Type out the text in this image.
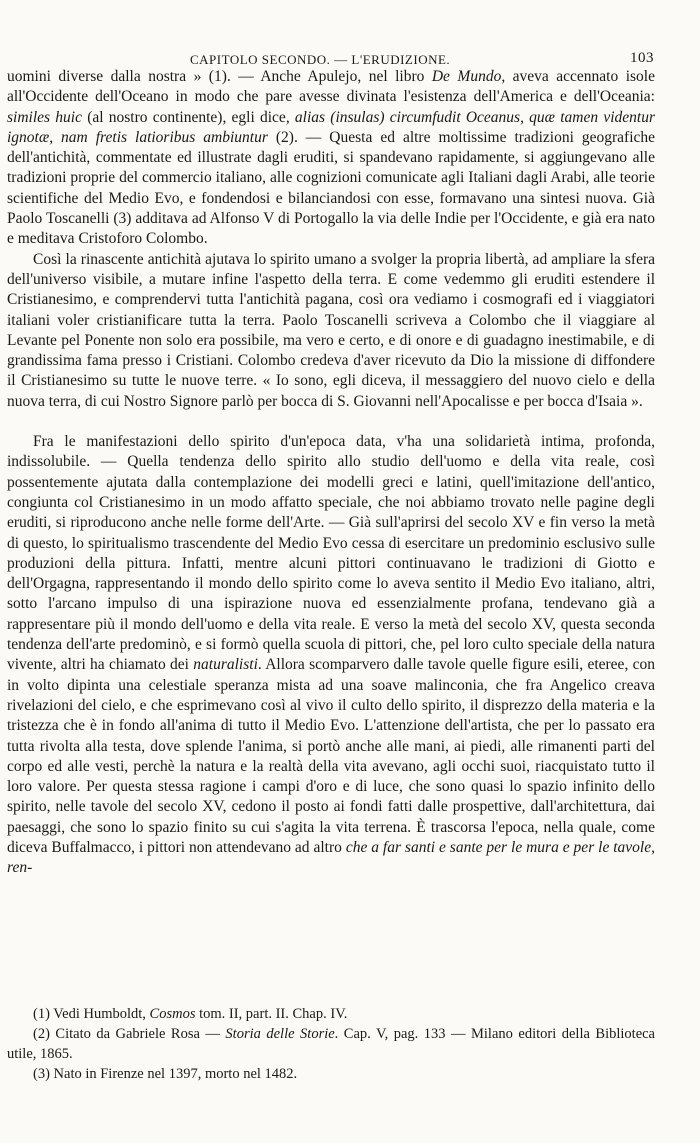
CAPITOLO SECONDO. — L'ERUDIZIONE.	103

uomini diverse dalla nostra » (1). — Anche Apulejo, nel libro De Mundo, aveva accennato isole all'Occidente dell'Oceano in modo che pare avesse divinata l'esistenza dell'America e dell'Oceania: similes huic (al nostro continente), egli dice, alias (insulas) circumfudit Oceanus, quæ tamen videntur ignotæ, nam fretis latioribus ambiuntur (2). — Questa ed altre moltissime tradizioni geografiche dell'antichità, commentate ed illustrate dagli eruditi, si spandevano rapidamente, si aggiungevano alle tradizioni proprie del commercio italiano, alle cognizioni comunicate agli Italiani dagli Arabi, alle teorie scientifiche del Medio Evo, e fondendosi e bilanciandosi con esse, formavano una sintesi nuova. Già Paolo Toscanelli (3) additava ad Alfonso V di Portogallo la via delle Indie per l'Occidente, e già era nato e meditava Cristoforo Colombo.

Così la rinascente antichità ajutava lo spirito umano a svolger la propria libertà, ad ampliare la sfera dell'universo visibile, a mutare infine l'aspetto della terra. E come vedemmo gli eruditi estendere il Cristianesimo, e comprendervi tutta l'antichità pagana, così ora vediamo i cosmografi ed i viaggiatori italiani voler cristianificare tutta la terra. Paolo Toscanelli scriveva a Colombo che il viaggiare al Levante pel Ponente non solo era possibile, ma vero e certo, e di onore e di guadagno inestimabile, e di grandissima fama presso i Cristiani. Colombo credeva d'aver ricevuto da Dio la missione di diffondere il Cristianesimo su tutte le nuove terre. « Io sono, egli diceva, il messaggiero del nuovo cielo e della nuova terra, di cui Nostro Signore parlò per bocca di S. Giovanni nell'Apocalisse e per bocca d'Isaia ».

Fra le manifestazioni dello spirito d'un'epoca data, v'ha una solidarietà intima, profonda, indissolubile. — Quella tendenza dello spirito allo studio dell'uomo e della vita reale, così possentemente ajutata dalla contemplazione dei modelli greci e latini, quell'imitazione dell'antico, congiunta col Cristianesimo in un modo affatto speciale, che noi abbiamo trovato nelle pagine degli eruditi, si riproducono anche nelle forme dell'Arte. — Già sull'aprirsi del secolo XV e fin verso la metà di questo, lo spiritualismo trascendente del Medio Evo cessa di esercitare un predominio esclusivo sulle produzioni della pittura. Infatti, mentre alcuni pittori continuavano le tradizioni di Giotto e dell'Orgagna, rappresentando il mondo dello spirito come lo aveva sentito il Medio Evo italiano, altri, sotto l'arcano impulso di una ispirazione nuova ed essenzialmente profana, tendevano già a rappresentare più il mondo dell'uomo e della vita reale. E verso la metà del secolo XV, questa seconda tendenza dell'arte predominò, e si formò quella scuola di pittori, che, pel loro culto speciale della natura vivente, altri ha chiamato dei naturalisti. Allora scomparvero dalle tavole quelle figure esili, eteree, con in volto dipinta una celestiale speranza mista ad una soave malinconia, che fra Angelico creava rivelazioni del cielo, e che esprimevano così al vivo il culto dello spirito, il disprezzo della materia e la tristezza che è in fondo all'anima di tutto il Medio Evo. L'attenzione dell'artista, che per lo passato era tutta rivolta alla testa, dove splende l'anima, si portò anche alle mani, ai piedi, alle rimanenti parti del corpo ed alle vesti, perchè la natura e la realtà della vita avevano, agli occhi suoi, riacquistato tutto il loro valore. Per questa stessa ragione i campi d'oro e di luce, che sono quasi lo spazio infinito dello spirito, nelle tavole del secolo XV, cedono il posto ai fondi fatti dalle prospettive, dall'architettura, dai paesaggi, che sono lo spazio finito su cui s'agita la vita terrena. È trascorsa l'epoca, nella quale, come diceva Buffalmacco, i pittori non attendevano ad altro che a far santi e sante per le mura e per le tavole, ren-

(1) Vedi Humboldt, Cosmos tom. II, part. II. Chap. IV.

(2) Citato da Gabriele Rosa — Storia delle Storie. Cap. V, pag. 133 — Milano editori della Biblioteca utile, 1865.

(3) Nato in Firenze nel 1397, morto nel 1482.
